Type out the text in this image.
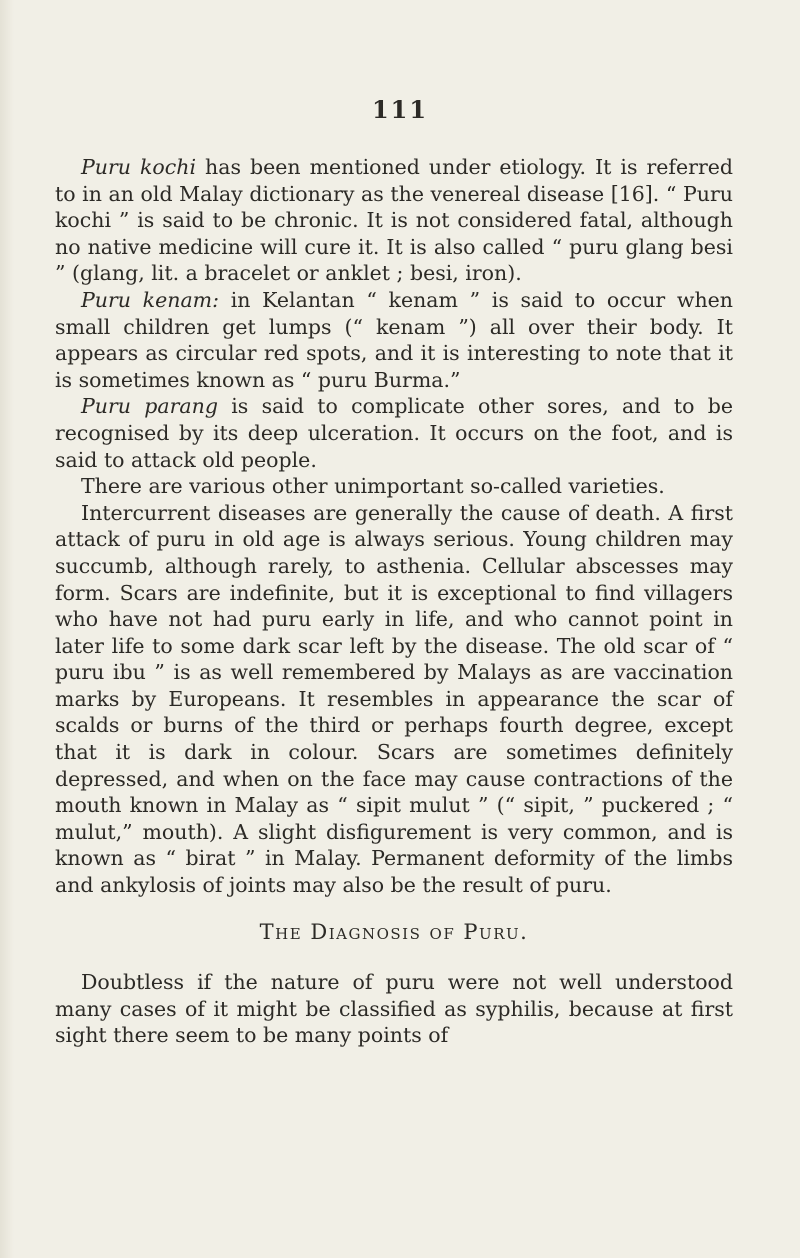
111

Puru kochi has been mentioned under etiology. It is referred to in an old Malay dictionary as the venereal disease [16]. “ Puru kochi ” is said to be chronic. It is not considered fatal, although no native medicine will cure it. It is also called “ puru glang besi ” (glang, lit. a bracelet or anklet ; besi, iron).

Puru kenam: in Kelantan “ kenam ” is said to occur when small children get lumps (“ kenam ”) all over their body. It appears as circular red spots, and it is interesting to note that it is sometimes known as “ puru Burma.”

Puru parang is said to complicate other sores, and to be recognised by its deep ulceration. It occurs on the foot, and is said to attack old people.

There are various other unimportant so-called varieties.

Intercurrent diseases are generally the cause of death. A first attack of puru in old age is always serious. Young children may succumb, although rarely, to asthenia. Cellular abscesses may form. Scars are indefinite, but it is exceptional to find villagers who have not had puru early in life, and who cannot point in later life to some dark scar left by the disease. The old scar of “ puru ibu ” is as well remembered by Malays as are vaccination marks by Europeans. It resembles in appearance the scar of scalds or burns of the third or perhaps fourth degree, except that it is dark in colour. Scars are sometimes definitely depressed, and when on the face may cause contractions of the mouth known in Malay as “ sipit mulut ” (“ sipit, ” puckered ; “ mulut,” mouth). A slight disfigurement is very common, and is known as “ birat ” in Malay. Permanent deformity of the limbs and ankylosis of joints may also be the result of puru.

The Diagnosis of Puru.

Doubtless if the nature of puru were not well understood many cases of it might be classified as syphilis, because at first sight there seem to be many points of
